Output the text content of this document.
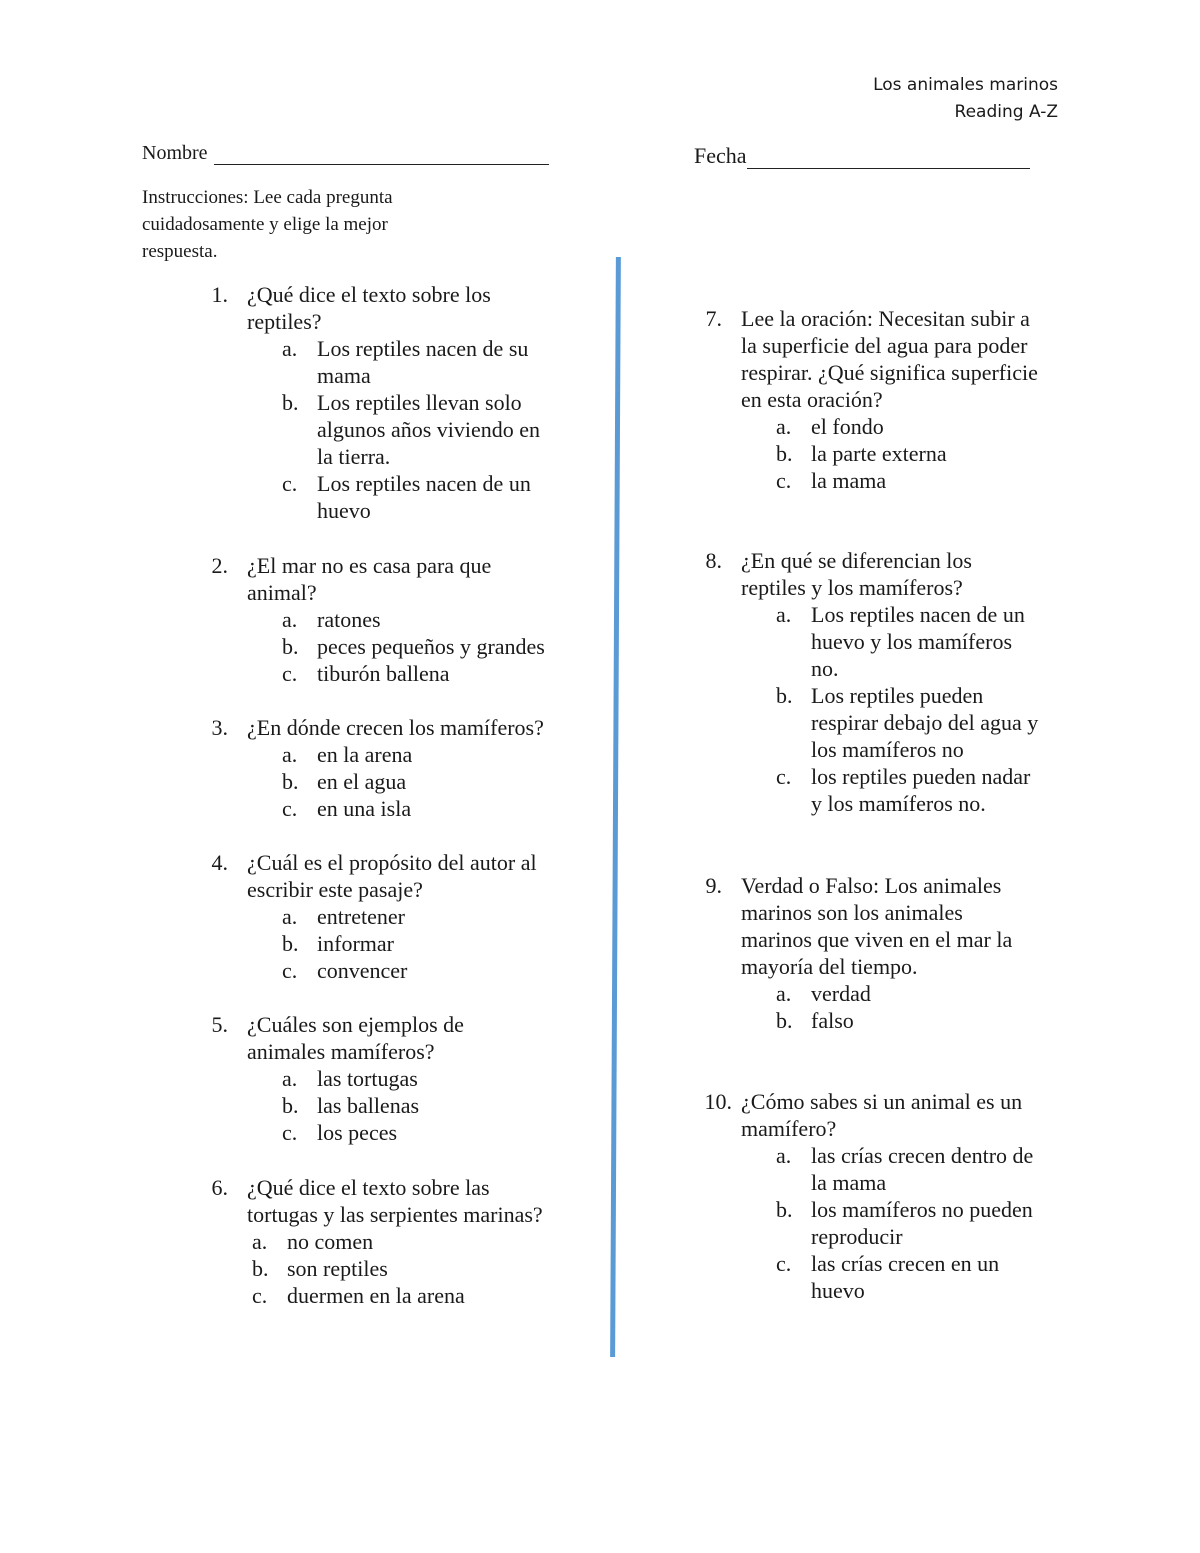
Los animales marinos
Reading A-Z
Nombre	Fecha
Instrucciones: Lee cada pregunta
cuidadosamente y elige la mejor respuesta.
1. ¿Qué dice el texto sobre los
reptiles?
a. Los reptiles nacen de su
mama
b. Los reptiles llevan solo
algunos años viviendo en
la tierra.
c. Los reptiles nacen de un
huevo
2. ¿El mar no es casa para que
animal?
a. ratones
b. peces pequeños y grandes
c. tiburón ballena
3. ¿En dónde crecen los mamíferos?
a. en la arena
b. en el agua
c. en una isla
4. ¿Cuál es el propósito del autor al
escribir este pasaje?
a. entretener
b. informar
c. convencer
5. ¿Cuáles son ejemplos de
animales mamíferos?
a. las tortugas
b. las ballenas
c. los peces
6. ¿Qué dice el texto sobre las
tortugas y las serpientes marinas?
a. no comen
b. son reptiles
c. duermen en la arena
7. Lee la oración: Necesitan subir a
la superficie del agua para poder
respirar. ¿Qué significa superficie
en esta oración?
a. el fondo
b. la parte externa
c. la mama
8. ¿En qué se diferencian los
reptiles y los mamíferos?
a. Los reptiles nacen de un
huevo y los mamíferos
no.
b. Los reptiles pueden
respirar debajo del agua y
los mamíferos no
c. los reptiles pueden nadar
y los mamíferos no.
9. Verdad o Falso: Los animales
marinos son los animales
marinos que viven en el mar la
mayoría del tiempo.
a. verdad
b. falso
10. ¿Cómo sabes si un animal es un
mamífero?
a. las crías crecen dentro de
la mama
b. los mamíferos no pueden
reproducir
c. las crías crecen en un
huevo
